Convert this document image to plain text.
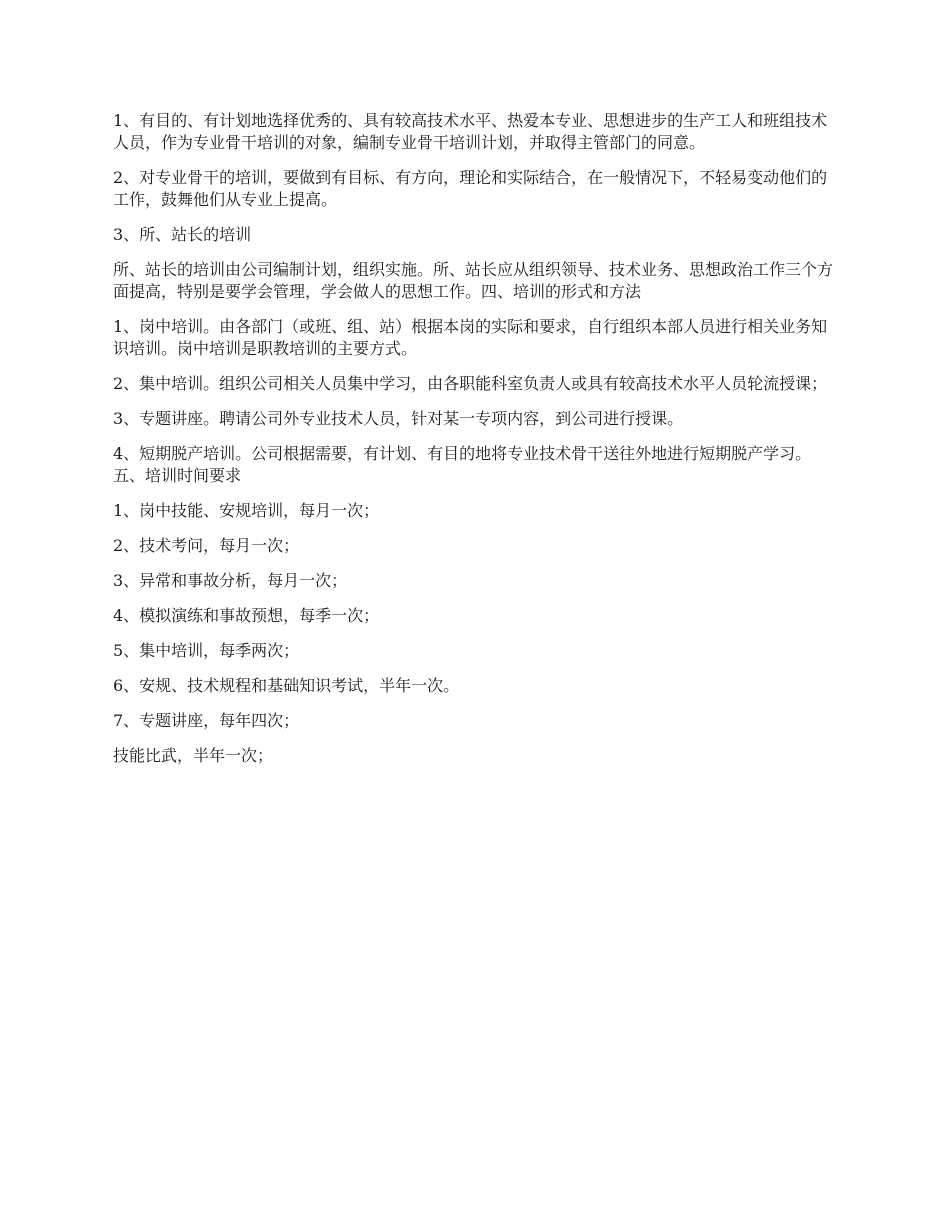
1、有目的、有计划地选择优秀的、具有较高技术水平、热爱本专业、思想进步的生产工人和班组技术人员，作为专业骨干培训的对象，编制专业骨干培训计划，并取得主管部门的同意。

2、对专业骨干的培训，要做到有目标、有方向，理论和实际结合，在一般情况下，不轻易变动他们的工作，鼓舞他们从专业上提高。

3、所、站长的培训

所、站长的培训由公司编制计划，组织实施。所、站长应从组织领导、技术业务、思想政治工作三个方面提高，特别是要学会管理，学会做人的思想工作。四、培训的形式和方法

1、岗中培训。由各部门（或班、组、站）根据本岗的实际和要求，自行组织本部人员进行相关业务知识培训。岗中培训是职教培训的主要方式。

2、集中培训。组织公司相关人员集中学习，由各职能科室负责人或具有较高技术水平人员轮流授课；

3、专题讲座。聘请公司外专业技术人员，针对某一专项内容，到公司进行授课。

4、短期脱产培训。公司根据需要，有计划、有目的地将专业技术骨干送往外地进行短期脱产学习。五、培训时间要求

1、岗中技能、安规培训，每月一次；

2、技术考问，每月一次；

3、异常和事故分析，每月一次；

4、模拟演练和事故预想，每季一次；

5、集中培训，每季两次；

6、安规、技术规程和基础知识考试，半年一次。

7、专题讲座，每年四次；

技能比武，半年一次；
